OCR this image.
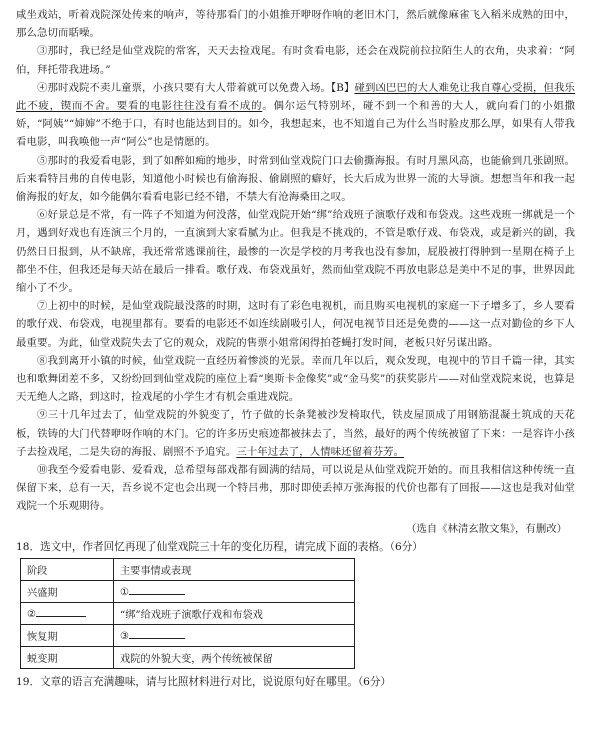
咸坐戏站，听着戏院深处传来的响声，等待那看门的小姐推开咿呀作响的老旧木门，然后就像麻雀飞入稻米成熟的田中，那么急切而聒噪。

③那时，我已经是仙堂戏院的常客，天天去捡戏尾。有时贪看电影，还会在戏院前拉拉陌生人的衣角，央求着：“阿伯，拜托带我进场。”

④那时戏院不卖儿童票，小孩只要有大人带着就可以免费入场。【B】碰到凶巴巴的大人难免让我自尊心受损，但我乐此不疲，锲而不舍。要看的电影往往没有看不成的。偶尔运气特别坏，碰不到一个和善的大人，就向看门的小姐撒娇，“阿姨”“婶婶”不绝于口，有时也能达到目的。如今，我想起来，也不知道自己为什么当时脸皮那么厚，如果有人带我看电影，叫我唤他一声“阿公”也是情愿的。

⑤那时的我爱看电影，到了如醉如痴的地步，时常到仙堂戏院门口去偷撕海报。有时月黑风高，也能偷到几张剧照。后来看特吕弗的自传电影，知道他小时候也有偷海报、偷剧照的癖好，长大后成为世界一流的大导演。想想当年和我一起偷海报的好友，如今能偶尔看看电影已经不错，不禁大有沧海桑田之叹。

⑥好景总是不常，有一阵子不知道为何没落，仙堂戏院开始“绑”给戏班子演歌仔戏和布袋戏。这些戏班一绑就是一个月，遇到好戏也有连演三个月的，一直演到大家看腻为止。但我是不挑戏的，不管是歌仔戏、布袋戏，或是新兴的剧，我仍然日日报到，从不缺席，我还常常逃课前往，最惨的一次是学校的月考我也没有参加，屁股被打得肿到一星期在椅子上都坐不住，但我还是每天站在最后一排看。歌仔戏、布袋戏虽好，然而仙堂戏院不再放电影总是美中不足的事，世界因此缩小了不少。

⑦上初中的时候，是仙堂戏院最没落的时期，这时有了彩色电视机，而且购买电视机的家庭一下子增多了，乡人要看的歌仔戏、布袋戏，电视里都有。要看的电影还不如连续剧吸引人，何况电视节目还是免费的——这一点对勤俭的乡下人最重要。为此，仙堂戏院失去了它的观众，戏院的售票小姐常闲得拍苍蝇打发时间，老板只好另谋出路。

⑧我到离开小镇的时候，仙堂戏院一直经历着惨淡的光景。幸而几年以后，观众发现，电视中的节目千篇一律，其实也和歌舞团差不多，又纷纷回到仙堂戏院的座位上看“奥斯卡金像奖”或“金马奖”的获奖影片——对仙堂戏院来说，也算是天无绝人之路，到这时，捡戏尾的小学生才有机会重进戏院。

⑨三十几年过去了，仙堂戏院的外貌变了，竹子做的长条凳被沙发椅取代，铁皮屋顶成了用钢筋混凝土筑成的天花板，铁铸的大门代替咿呀作响的木门。它的许多历史痕迹都被抹去了，当然，最好的两个传统被留了下来：一是容许小孩子去捡戏尾，二是失窃的海报、剧照不予追究。三十年过去了，人情味还留着芬芳。

⑩我至今爱看电影、爱看戏，总希望每部戏都有圆满的结局，可以说是从仙堂戏院开始的。而且我相信这种传统一直保留下来，总有一天，吾乡说不定也会出现一个特吕弗，那时即使丢掉万张海报的代价也都有了回报——这也是我对仙堂戏院一个乐观期待。

（选自《林清玄散文集》，有删改）

18．选文中，作者回忆再现了仙堂戏院三十年的变化历程，请完成下面的表格。（6分）

阶段	主要事情或表现
兴盛期	①
②	“绑”给戏班子演歌仔戏和布袋戏
恢复期	③
蜕变期	戏院的外貌大变，两个传统被保留

19．文章的语言充满趣味，请与比照材料进行对比，说说原句好在哪里。（6分）
